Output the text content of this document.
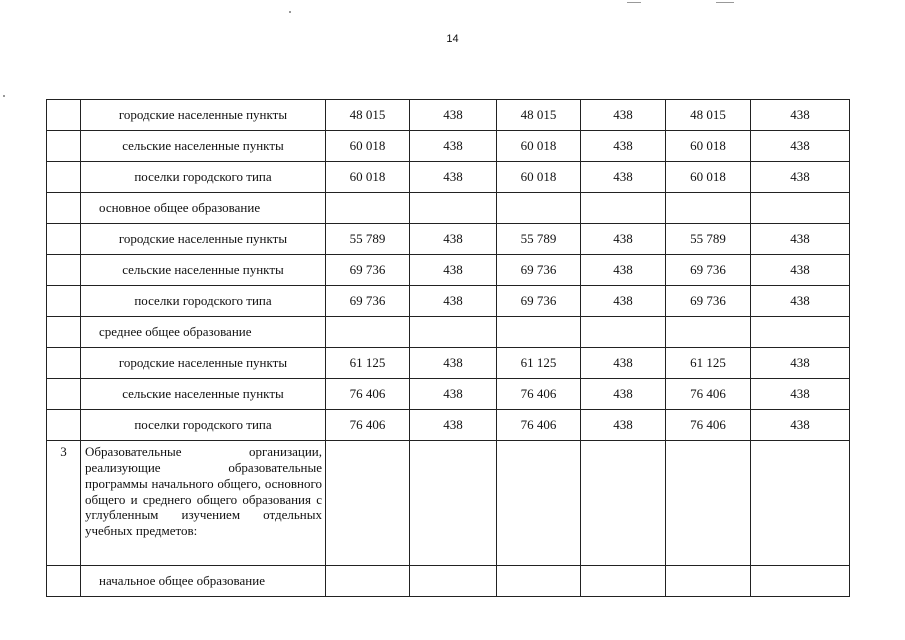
14
	городские населенные пункты	48 015	438	48 015	438	48 015	438
	сельские населенные пункты	60 018	438	60 018	438	60 018	438
	поселки городского типа	60 018	438	60 018	438	60 018	438
	основное общее образование						
	городские населенные пункты	55 789	438	55 789	438	55 789	438
	сельские населенные пункты	69 736	438	69 736	438	69 736	438
	поселки городского типа	69 736	438	69 736	438	69 736	438
	среднее общее образование						
	городские населенные пункты	61 125	438	61 125	438	61 125	438
	сельские населенные пункты	76 406	438	76 406	438	76 406	438
	поселки городского типа	76 406	438	76 406	438	76 406	438
3	Образовательные организации, реализующие образовательные программы начального общего, основного общего и среднего общего образования с углубленным изучением отдельных учебных предметов:						
	начальное общее образование						
